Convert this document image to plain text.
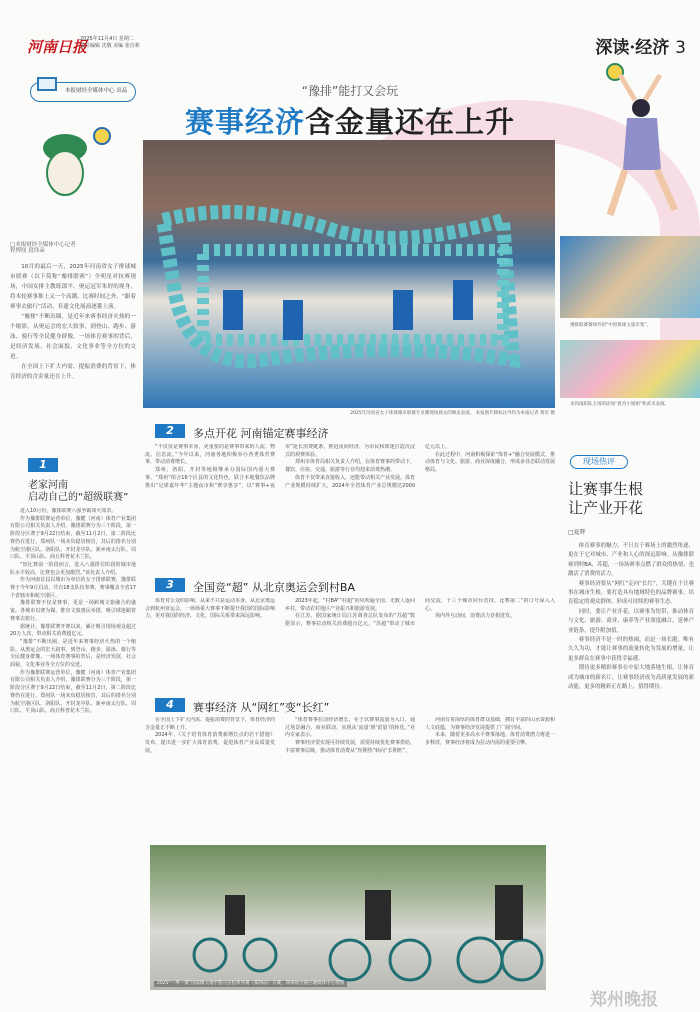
河南日报
2025年11月4日 星期二
责任编辑 沈敬 美编 张自莉	深读·经济 3
本报财经全媒体中心 出品	“豫排”能打又会玩
赛事经济含金量还在上升
2025年河南省女子排球城市联赛专业赛现场观众的舞龙表演。 本报图片除标注外均为本报记者 黄军 摄
□本报财经全媒体中心记者
程博厘 段伟朵

10月的最后一天，2025年河南省女子排球城市联赛（以下简称“豫排联赛”）全明星对抗赛现场，中国女排主教练郎平、奥运冠军朱婷的现身，将本轮赛事推上又一个高潮。比赛时间之外，“跟着赛事去旅行”活动、非遗文化展演逐番上演。

“豫排”不断出圈，是近年来赛事经济火热的一个缩影。从奥运会的宏大叙事，到登山、跑步、游泳、骑行等全民健身群像，一场体育赛事的背后，是经济发展、社会面貌、文化事业等全方位的交迸。

在全国上下扩大内需、提振消费的背景下，体育经济的含金量还在上升。

1
老家河南
启动自己的“超级联赛”

进入10月份，豫排联赛八强争霸如火如荼。

作为豫排联赛运营单位，豫健（河南）体育产业集团有限公司相关负责人介绍，豫排联赛分为三个阶段，第一阶段分区赛于9月22日结束，截至11月2日，第二阶段比赛仍在进行，郑州队一场未负稳居榜首，其后的排名分别为航空港区队、洛阳队、开封龙亭队、新乡南太行队、周口队、平顶山队、商丘科普花木兰队。

“短比赛前一阶段而言，进入八强排位阶段的城市地队水平较高，比赛也会更加激烈。”该负责人介绍。

作为河南首届以城市为单位的女子排球联赛，豫排联赛于今年9月启动，共有18支队伍参赛，赛事覆盖全省17个省辖市和航空港区。

豫排联赛不仅是赛事，更是一场跨城文旅融合的盛宴。各城市以赛为媒，推出文旅惠民举措，吸引球迷跟着赛事去旅行。

据统计，豫排联赛开赛以来，累计吸引现场观众超过20万人次，带动相关消费超亿元。

“豫排”不断出圈，是近年来赛事经济火热的一个缩影。从奥运会的宏大叙事，到登山、跑步、游泳、骑行等全民健身群像，一场体育赛事的背后，是经济发展、社会面貌、文化事业等全方位的交迸。

作为豫排联赛运营单位，豫健（河南）体育产业集团有限公司相关负责人介绍，豫排联赛分为三个阶段，第一阶段分区赛于9月22日结束，截至11月2日，第二阶段比赛仍在进行，郑州队一场未负稳居榜首，其后的排名分别为航空港区队、洛阳队、开封龙亭队、新乡南太行队、周口队、平顶山队、商丘科普花木兰队。

2	多点开花 河南锚定赛事经济

“不仅仅是赛事本身，更重要的是赛事带来的人流、物流、信息流。”今年以来，河南各地积极举办各类体育赛事，带动消费增长。

郑州、洛阳、开封等地相继承办国际国内重大赛事，“郑州”组合16个区县的文化特色，联合本地餐饮品牌推出“足球嘉年华”主题夜市和“赛享惠享”，以“赛事+夜市”延长消费链条，推进夜间经济，为市民和球迷打造沉浸式的观赛体验。

郑州市体育局相关负责人介绍，在体育赛事的带动下，餐饮、住宿、交通、旅游等行业均迎来消费热潮。

体育不仅带来直接收入，还能带动相关产业发展。体育产业规模持续扩大，2024年全省体育产业总规模达2000亿元以上。

在此过程中，河南积极探索“体育+”融合发展模式，推动体育与文化、旅游、商业深度融合，形成多业态联动发展格局。

3	全国竞“超” 从北京奥运会到村BA

体育对公众的影响，从来不只是运动本身。从北京奥运会到杭州亚运会，一场场重大赛事不断提升我国的国际影响力，更对我国的经济、文化、国际关系带来深远影响。

2023年起，“村BA”“村超”的风吹遍全国。无数人返回乡村，带动农村地区产业振兴和旅游发展。

在江苏，据国家统计局江苏调查总队发布的“苏超”数据显示，赛事拉动相关消费超百亿元，“苏超”带动了城市间交流，十三个城市同台竞技，比赛第二“的口号深入人心。

场内外互动间，消费活力竞相迸发。

4	赛事经济 从“网红”变“长红”

在全国上下扩大内需、提振消费的背景下，体育经济的含金量正不断上升。

2024年，《关于培育体育消费新增长点的若干措施》发布，提出进一步扩大体育消费，促进体育产业高质量发展。

“体育赛事拉动经济增长，在于以赛事流量为入口，通过场景融合、商业联动，实现从‘流量’到‘留量’的转化。”业内专家表示。

赛事经济要实现可持续发展，需要持续优化赛事供给，丰富赛事层级，推动体育消费从“短期热”转向“长期旺”。

河南有着深厚的体育群众基础，拥有丰富的山水资源和人文底蕴，为赛事经济发展提供了广阔空间。

未来，随着更多高水平赛事落地，体育消费潜力将进一步释放，赛事经济将成为拉动内需的重要引擎。

2025“一季一赛”国家级大地半程马拉松系列赛（郑州站）开赛。郑州航空港区融媒体中心供图
豫排联赛赛场外的“中原排球文旅市集”。
来到南阳队主场的添加“唐宫小姐姐”和武术表演。
现场热评
让赛事生根
让产业开花
□夏辉

体育赛事的魅力，不只在于赛场上的激烈角逐，更在于它对城市、产业和人心的深远影响。从豫排联赛到村BA、苏超，一场场赛事点燃了群众的热情，也激活了消费的活力。

赛事经济要从“网红”走向“长红”，关键在于让赛事在城市生根。要打造具有地域特色的品牌赛事，培育稳定的观众群体，形成可持续的赛事生态。

同时，要让产业开花。以赛事为纽带，推动体育与文化、旅游、商业、康养等产业深度融合，延伸产业链条，提升附加值。

赛事经济不是一时的热闹，而是一场长跑。唯有久久为功，才能让赛事的流量转化为发展的增量，让更多群众在赛事中获得幸福感。

期待更多精彩赛事在中原大地落地生根，让体育成为城市的新名片，让赛事经济成为高质量发展的新动能，更多的精彩正在路上，值得期待。

郑州晚报
